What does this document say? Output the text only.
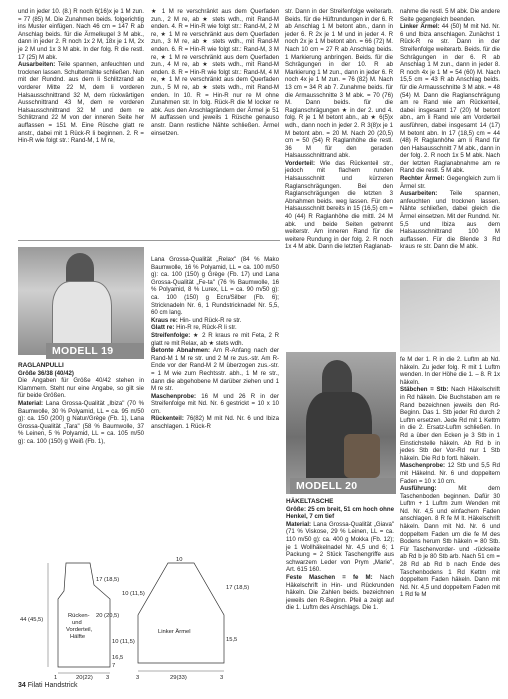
und in jeder 10. (8.) R noch 6(16)x je 1 M zun. = 77 (85) M. Die Zunahmen beids. folgerichtig ins Muster einfügen. Nach 46 cm = 147 R ab Anschlag beids. für die Ärmelkugel 3 M abk., dann in jeder 2. R noch 1x 2 M, 18x je 1 M, 2x je 2 M und 1x 3 M abk. In der folg. R die restl. 17 (25) M abk.

Ausarbeiten: Teile spannen, anfeuchten und trocknen lassen. Schulternähte schließen. Nun mit der Rundnd. aus dem li Schlitzrand ab vorderer Mitte 22 M, dem li vorderen Halsausschnittrand 32 M, dem rückwärtigen Ausschnittrand 43 M, dem re vorderen Halsausschnittrand 32 M und dem re Schlitzrand 22 M von der inneren Seite her auffassen = 151 M. Eine Rüsche glatt re anstr., dabei mit 1 Rück-R li beginnen. 2. R = Hin-R wie folgt str.: Rand-M, 1 M re,

MODELL 19

RAGLANPULLI

Größe 36/38 (40/42)

Die Angaben für Größe 40/42 stehen in Klammern. Steht nur eine Angabe, so gilt sie für beide Größen.

Material: Lana Grossa-Qualität „Ibiza" (70 % Baumwolle, 30 % Polyamid, LL = ca. 95 m/50 g): ca. 150 (200) g Natur/Grège (Fb. 1), Lana Grossa-Qualität „Tara" (58 % Baumwolle, 37 % Leinen, 5 % Polyamid, LL = ca. 105 m/50 g): ca. 100 (150) g Weiß (Fb. 1),

★ 1 M re verschränkt aus dem Querfaden zun., 2 M re, ab ★ stets wdh., mit Rand-M enden. 4. R = Hin-R wie folgt str.: Rand-M, 2 M re, ★ 1 M re verschränkt aus dem Querfaden zun., 3 M re, ab ★ stets wdh., mit Rand-M enden. 6. R = Hin-R wie folgt str.: Rand-M, 3 M re, ★ 1 M re verschränkt aus dem Querfaden zun., 4 M re, ab ★ stets wdh., mit Rand-M enden. 8. R = Hin-R wie folgt str.: Rand-M, 4 M re, ★ 1 M re verschränkt aus dem Querfaden zun., 5 M re, ab ★ stets wdh., mit Rand-M enden. In 10. R = Hin-R nur re M ohne Zunahmen str. In folg. Rück-R die M locker re abk. Aus den Anschlagrändern der Ärmel je 51 M auffassen und jeweils 1 Rüsche genauso anstr. Dann restliche Nähte schließen. Ärmel einsetzen.

Lana Grossa-Qualität „Relax" (84 % Mako Baumwolle, 16 % Polyamid, LL = ca. 100 m/50 g): ca. 100 (150) g Grège (Fb. 17) und Lana Grossa-Qualität „Fe-ta" (76 % Baumwolle, 16 % Polyamid, 8 % Lurex, LL = ca. 90 m/50 g): ca. 100 (150) g Ecru/Silber (Fb. 6); Stricknadeln Nr. 6, 1 Rundstricknadel Nr. 5,5, 60 cm lang.

Kraus re: Hin- und Rück-R re str.

Glatt re: Hin-R re, Rück-R li str.

Streifenfolge: ★ 2 R kraus re mit Feta, 2 R glatt re mit Relax, ab ★ stets wdh.

Betonte Abnahmen: Am R-Anfang nach der Rand-M 1 M re str. und 2 M re zus.-str. Am R-Ende vor der Rand-M 2 M überzogen zus.-str. = 1 M wie zum Rechtsstr. abh., 1 M re str., dann die abgehobene M darüber ziehen und 1 M re str.

Maschenprobe: 16 M und 26 R in der Streifenfolge mit Nd. Nr. 6 gestrickt = 10 x 10 cm.

Rückenteil: 76(82) M mit Nd. Nr. 6 und Ibiza anschlagen. 1 Rück-R

str. Dann in der Streifenfolge weiterarb. Beids. für die Hüftrundungen in der 6. R ab Anschlag 1 M betont abn., dann in jeder 6. R 2x je 1 M und in jeder 4. R noch 2x je 1 M betont abn. = 66 (72) M. Nach 10 cm = 27 R ab Anschlag beids. 1 Markierung anbringen. Beids. für die Schrägungen in der 10. R ab Markierung 1 M zun., dann in jeder 6. R noch 4x je 1 M zun. = 76 (82) M. Nach 13 cm = 34 R ab 7. Zunahme beids. für die Armausschnitte 3 M abk. = 70 (76) M. Dann beids. für die Raglanschrägungen ★ in der 2. und 4. folg. R je 1 M betont abn., ab ★ 6(5)x wdh., dann noch in jeder 2. R 3(8)x je 1 M betont abn. = 20 M. Nach 20 (20,5) cm = 50 (54) R Raglanhöhe die restl. 36 M für den geraden Halsausschnittrand abk.

Vorderteil: Wie das Rückenteil str., jedoch mit flachem runden Halsausschnitt und kürzeren Raglanschrägungen. Bei den Raglanschrägungen die letzten 3 Abnahmen beids. weg lassen. Für den Halsausschnitt bereits in 15 (16,5) cm = 40 (44) R Raglanhöhe die mittl. 24 M abk. und beide Seiten getrennt weiterstr. Am inneren Rand für die weitere Rundung in der folg. 2. R noch 1x 4 M abk. Dann die letzten Raglanab-

MODELL 20

HÄKELTASCHE

Größe: 25 cm breit, 51 cm hoch ohne Henkel, 7 cm tief

Material: Lana Grossa-Qualität „Giava" (71 % Viskose, 29 % Leinen, LL = ca. 110 m/50 g): ca. 400 g Mokka (Fb. 12); je 1 Wollhäkelnadel Nr. 4,5 und 6; 1 Packung = 2 Stück Taschengriffe aus schwarzem Leder von Prym „Marie", Art. 615 160.

Feste Maschen = fe M: Nach Häkelschrift in Hin- und Rückrunden häkeln. Die Zahlen beids. bezeichnen jeweils den R-Beginn. Pfeil a zeigt auf die 1. Luftm des Anschlags. Die 1.

nahme die restl. 5 M abk. Die andere Seite gegengleich beenden.

Linker Ärmel: 44 (50) M mit Nd. Nr. 6 und Ibiza anschlagen. Zunächst 1 Rück-R re str. Dann in der Streifenfolge weiterarb. Beids. für die Schrägungen in der 6. R ab Anschlag 1 M zun., dann in jeder 8. R noch 4x je 1 M = 54 (60) M. Nach 15,5 cm = 43 R ab Anschlag beids. für die Armausschnitte 3 M abk. = 48 (54) M. Dann die Raglanschrägung am re Rand wie am Rückenteil, dabei insgesamt 17 (20) M betont abn., am li Rand wie am Vorderteil ausführen, dabei insgesamt 14 (17) M betont abn. In 17 (18,5) cm = 44 (48) R Raglanhöhe am li Rand für den Halsausschnitt 7 M abk., dann in der folg. 2. R noch 1x 5 M abk. Nach der letzten Raglanabnahme am re Rand die restl. 5 M abk.

Rechter Ärmel: Gegengleich zum li Ärmel str.

Ausarbeiten: Teile spannen, anfeuchten und trocknen lassen. Nähte schließen, dabei gleich die Ärmel einsetzen. Mit der Rundnd. Nr. 5,5 und Ibiza aus dem Halsausschnittrand 100 M auffassen. Für die Blende 3 Rd kraus re str. Dann die M abk.

fe M der 1. R in die 2. Luftm ab Nd. häkeln. Zu jeder folg. R mit 1 Luftm wenden. In der Höhe die 1. – 8. R 1x häkeln.

Stäbchen = Stb: Nach Häkelschrift in Rd häkeln. Die Buchstaben am re Rand bezeichnen jeweils den Rd-Beginn. Das 1. Stb jeder Rd durch 2 Luftm ersetzen. Jede Rd mit 1 Kettm in die 2. Ersatz-Luftm schließen. In Rd a über den Ecken je 3 Stb in 1 Einstichstelle häkeln. Ab Rd b in jedes Stb der Vor-Rd nur 1 Stb häkeln. Die Rd b fortl. häkeln.

Maschenprobe: 12 Stb und 5,5 Rd mit Häkelnd. Nr. 6 und doppeltem Faden = 10 x 10 cm.

Ausführung:	Mit dem Taschenboden beginnen. Dafür 30 Luftm + 1 Luftm zum Wenden mit Nd. Nr. 4,5 und einfachem Faden anschlagen. 8 R fe M lt. Häkelschrift häkeln. Dann mit Nd. Nr. 6 und doppeltem Faden um die fe M des Bodens herum Stb häkeln = 80 Stb. Für Taschenvorder- und -rückseite ab Rd b je 80 Stb arb. Nach 51 cm = 28 Rd ab Rd b nach Ende des Taschenbodens 1 Rd Kettm mit doppeltem Faden häkeln. Dann mit Nd. Nr. 4,5 und doppeltem Faden mit 1 Rd fe M

Rücken-
und
Vorderteil,
Hälfte
Linker Ärmel
44 (45,5)
17 (18,5)
20 (20,5)
10 (11,5)
16,5
7
1	20(22) 3
10
10 (11,5)
17 (18,5)
15,5
3	29(33)	3
34 Filati Handstrick
